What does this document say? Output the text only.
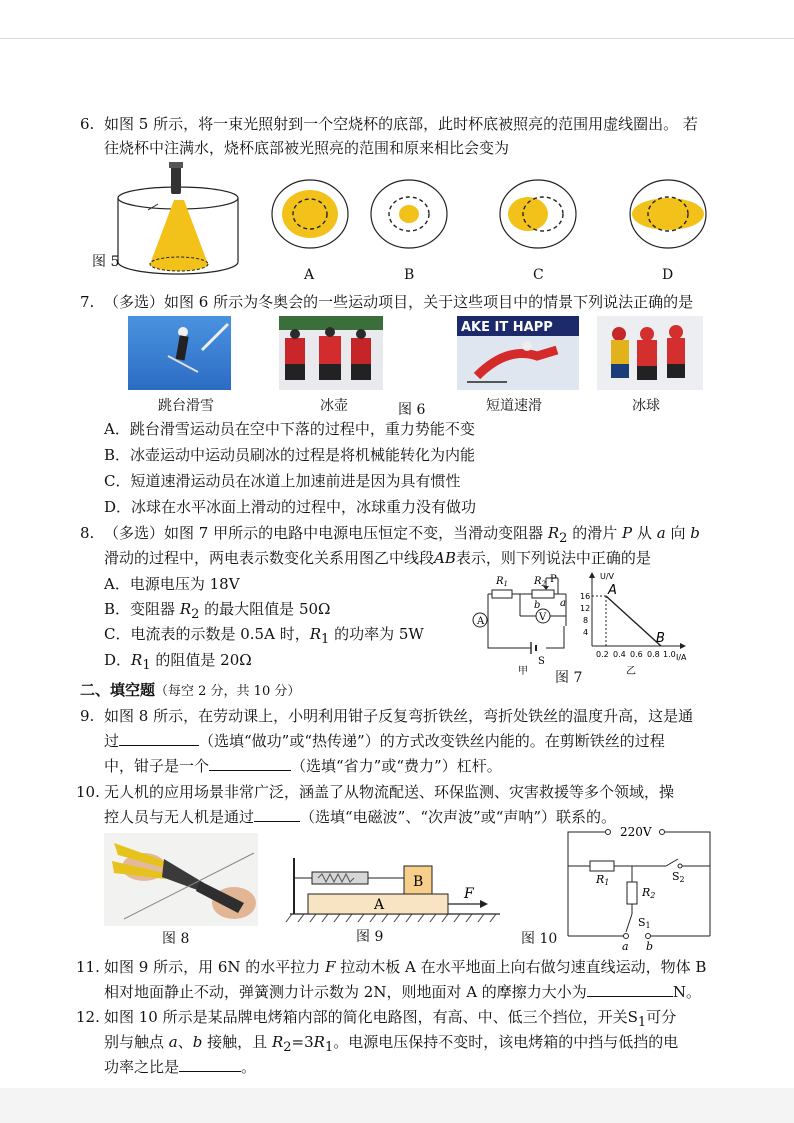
6. 如图 5 所示，将一束光照射到一个空烧杯的底部，此时杯底被照亮的范围用虚线圈出。 若
往烧杯中注满水，烧杯底部被光照亮的范围和原来相比会变为
图 5
A	B	C	D
7. （多选）如图 6 所示为冬奥会的一些运动项目，关于这些项目中的情景下列说法正确的是
AKE IT HAPP
跳台滑雪	冰壶	图 6	短道速滑	冰球
A．跳台滑雪运动员在空中下落的过程中，重力势能不变
B．冰壶运动中运动员刷冰的过程是将机械能转化为内能
C．短道速滑运动员在冰道上加速前进是因为具有惯性
D．冰球在水平冰面上滑动的过程中，冰球重力没有做功
8. （多选）如图 7 甲所示的电路中电源电压恒定不变，当滑动变阻器 $R_2$ 的滑片 P 从 a 向 b
滑动的过程中，两电表示数变化关系用图乙中线段AB表示，则下列说法中正确的是
A．电源电压为 18V
B．变阻器 $R_2$ 的最大阻值是 50Ω
C．电流表的示数是 0.5A 时，$R_1$ 的功率为 5W
D．$R_1$ 的阻值是 20Ω
A	V
$R_1$	$R_2$ P
b a
S
甲
U/V
I/A
16
12
8
4
0.2 0.4 0.6 0.8 1.0
A
B
乙
图 7
二、填空题（每空 2 分，共 10 分）
9. 如图 8 所示，在劳动课上，小明利用钳子反复弯折铁丝，弯折处铁丝的温度升高，这是通
过	（选填“做功”或“热传递”）的方式改变铁丝内能的。在剪断铁丝的过程
中，钳子是一个	（选填“省力”或“费力”）杠杆。
10. 无人机的应用场景非常广泛，涵盖了从物流配送、环保监测、灾害救援等多个领域，操
控人员与无人机是通过	（选填“电磁波”、“次声波”或“声呐”）联系的。
A
B
F
220V
R1
R2
S2
S1
a b
图 8	图 9	图 10
11. 如图 9 所示，用 6N 的水平拉力 F 拉动木板 A 在水平地面上向右做匀速直线运动，物体 B
相对地面静止不动，弹簧测力计示数为 2N，则地面对 A 的摩擦力大小为	N。
12. 如图 10 所示是某品牌电烤箱内部的简化电路图，有高、中、低三个挡位，开关$S_1$可分
别与触点 a、b 接触，且 $R_2=3R_1$。电源电压保持不变时，该电烤箱的中挡与低挡的电
功率之比是	。
